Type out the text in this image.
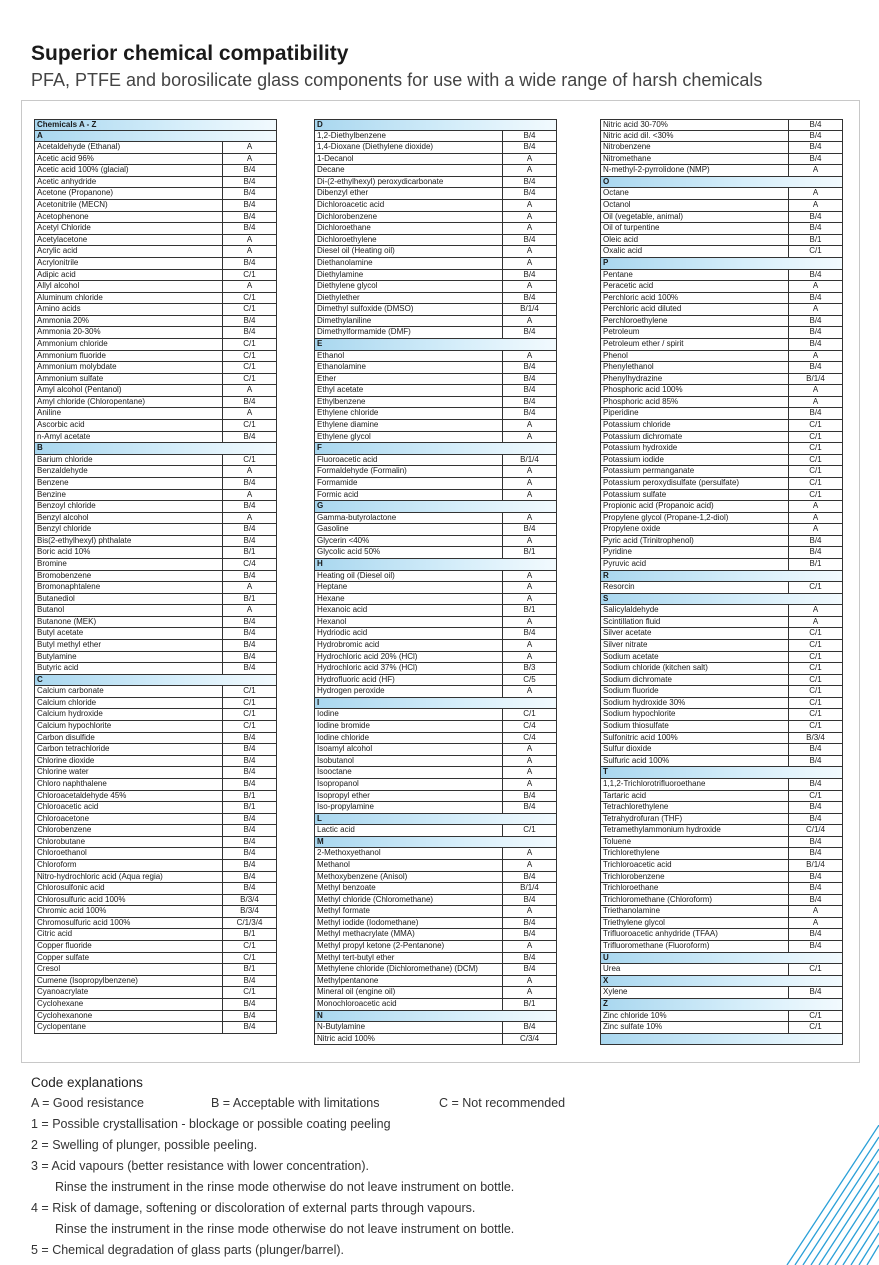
Superior chemical compatibility

PFA, PTFE and borosilicate glass components for use with a wide range of harsh chemicals

Chemicals A - Z
A
Acetaldehyde (Ethanal)	A
Acetic acid 96%	A
Acetic acid 100% (glacial)	B/4
Acetic anhydride	B/4
Acetone (Propanone)	B/4
Acetonitrile (MECN)	B/4
Acetophenone	B/4
Acetyl Chloride	B/4
Acetylacetone	A
Acrylic acid	A
Acrylonitrile	B/4
Adipic acid	C/1
Allyl alcohol	A
Aluminum chloride	C/1
Amino acids	C/1
Ammonia 20%	B/4
Ammonia 20-30%	B/4
Ammonium chloride	C/1
Ammonium fluoride	C/1
Ammonium molybdate	C/1
Ammonium sulfate	C/1
Amyl alcohol (Pentanol)	A
Amyl chloride (Chloropentane)	B/4
Aniline	A
Ascorbic acid	C/1
n-Amyl acetate	B/4
B
Barium chloride	C/1
Benzaldehyde	A
Benzene	B/4
Benzine	A
Benzoyl chloride	B/4
Benzyl alcohol	A
Benzyl chloride	B/4
Bis(2-ethylhexyl) phthalate	B/4
Boric acid 10%	B/1
Bromine	C/4
Bromobenzene	B/4
Bromonaphtalene	A
Butanediol	B/1
Butanol	A
Butanone (MEK)	B/4
Butyl acetate	B/4
Butyl methyl ether	B/4
Butylamine	B/4
Butyric acid	B/4
C
Calcium carbonate	C/1
Calcium chloride	C/1
Calcium hydroxide	C/1
Calcium hypochlorite	C/1
Carbon disulfide	B/4
Carbon tetrachloride	B/4
Chlorine dioxide	B/4
Chlorine water	B/4
Chloro naphthalene	B/4
Chloroacetaldehyde 45%	B/1
Chloroacetic acid	B/1
Chloroacetone	B/4
Chlorobenzene	B/4
Chlorobutane	B/4
Chloroethanol	B/4
Chloroform	B/4
Nitro-hydrochloric acid (Aqua regia)	B/4
Chlorosulfonic acid	B/4
Chlorosulfuric acid 100%	B/3/4
Chromic acid 100%	B/3/4
Chromosulfuric acid 100%	C/1/3/4
Citric acid	B/1
Copper fluoride	C/1
Copper sulfate	C/1
Cresol	B/1
Cumene (Isopropylbenzene)	B/4
Cyanoacrylate	C/1
Cyclohexane	B/4
Cyclohexanone	B/4
Cyclopentane	B/4
D
1,2-Diethylbenzene	B/4
1,4-Dioxane (Diethylene dioxide)	B/4
1-Decanol	A
Decane	A
Di-(2-ethylhexyl) peroxydicarbonate	B/4
Dibenzyl ether	B/4
Dichloroacetic acid	A
Dichlorobenzene	A
Dichloroethane	A
Dichloroethylene	B/4
Diesel oil (Heating oil)	A
Diethanolamine	A
Diethylamine	B/4
Diethylene glycol	A
Diethylether	B/4
Dimethyl sulfoxide (DMSO)	B/1/4
Dimethylaniline	A
Dimethylformamide (DMF)	B/4
E
Ethanol	A
Ethanolamine	B/4
Ether	B/4
Ethyl acetate	B/4
Ethylbenzene	B/4
Ethylene chloride	B/4
Ethylene diamine	A
Ethylene glycol	A
F
Fluoroacetic acid	B/1/4
Formaldehyde (Formalin)	A
Formamide	A
Formic acid	A
G
Gamma-butyrolactone	A
Gasoline	B/4
Glycerin <40%	A
Glycolic acid 50%	B/1
H
Heating oil (Diesel oil)	A
Heptane	A
Hexane	A
Hexanoic acid	B/1
Hexanol	A
Hydriodic acid	B/4
Hydrobromic acid	A
Hydrochloric acid 20% (HCl)	A
Hydrochloric acid 37% (HCl)	B/3
Hydrofluoric acid (HF)	C/5
Hydrogen peroxide	A
I
Iodine	C/1
Iodine bromide	C/4
Iodine chloride	C/4
Isoamyl alcohol	A
Isobutanol	A
Isooctane	A
Isopropanol	A
Isopropyl ether	B/4
Iso-propylamine	B/4
L
Lactic acid	C/1
M
2-Methoxyethanol	A
Methanol	A
Methoxybenzene (Anisol)	B/4
Methyl benzoate	B/1/4
Methyl chloride (Chloromethane)	B/4
Methyl formate	A
Methyl iodide (Iodomethane)	B/4
Methyl methacrylate (MMA)	B/4
Methyl propyl ketone (2-Pentanone)	A
Methyl tert-butyl ether	B/4
Methylene chloride (Dichloromethane) (DCM)	B/4
Methylpentanone	A
Mineral oil (engine oil)	A
Monochloroacetic acid	B/1
N
N-Butylamine	B/4
Nitric acid 100%	C/3/4
Nitric acid 30-70%	B/4
Nitric acid dil. <30%	B/4
Nitrobenzene	B/4
Nitromethane	B/4
N-methyl-2-pyrrolidone (NMP)	A
O
Octane	A
Octanol	A
Oil (vegetable, animal)	B/4
Oil of turpentine	B/4
Oleic acid	B/1
Oxalic acid	C/1
P
Pentane	B/4
Peracetic acid	A
Perchloric acid 100%	B/4
Perchloric acid diluted	A
Perchloroethylene	B/4
Petroleum	B/4
Petroleum ether / spirit	B/4
Phenol	A
Phenylethanol	B/4
Phenylhydrazine	B/1/4
Phosphoric acid 100%	A
Phosphoric acid 85%	A
Piperidine	B/4
Potassium chloride	C/1
Potassium dichromate	C/1
Potassium hydroxide	C/1
Potassium iodide	C/1
Potassium permanganate	C/1
Potassium peroxydisulfate (persulfate)	C/1
Potassium sulfate	C/1
Propionic acid (Propanoic acid)	A
Propylene glycol (Propane-1,2-diol)	A
Propylene oxide	A
Pyric acid (Trinitrophenol)	B/4
Pyridine	B/4
Pyruvic acid	B/1
R
Resorcin	C/1
S
Salicylaldehyde	A
Scintillation fluid	A
Silver acetate	C/1
Silver nitrate	C/1
Sodium acetate	C/1
Sodium chloride (kitchen salt)	C/1
Sodium dichromate	C/1
Sodium fluoride	C/1
Sodium hydroxide 30%	C/1
Sodium hypochlorite	C/1
Sodium thiosulfate	C/1
Sulfonitric acid 100%	B/3/4
Sulfur dioxide	B/4
Sulfuric acid 100%	B/4
T
1,1,2-Trichlorotrifluoroethane	B/4
Tartaric acid	C/1
Tetrachlorethylene	B/4
Tetrahydrofuran (THF)	B/4
Tetramethylammonium hydroxide	C/1/4
Toluene	B/4
Trichlorethylene	B/4
Trichloroacetic acid	B/1/4
Trichlorobenzene	B/4
Trichloroethane	B/4
Trichloromethane (Chloroform)	B/4
Triethanolamine	A
Triethylene glycol	A
Trifluoroacetic anhydride (TFAA)	B/4
Trifluoromethane (Fluoroform)	B/4
U
Urea	C/1
X
Xylene	B/4
Z
Zinc chloride 10%	C/1
Zinc sulfate 10%	C/1
Code explanations
A = Good resistance	B = Acceptable with limitations	C = Not recommended
1 = Possible crystallisation - blockage or possible coating peeling
2 = Swelling of plunger, possible peeling.
3 = Acid vapours (better resistance with lower concentration).
Rinse the instrument in the rinse mode otherwise do not leave instrument on bottle.
4 = Risk of damage, softening or discoloration of external parts through vapours.
Rinse the instrument in the rinse mode otherwise do not leave instrument on bottle.
5 = Chemical degradation of glass parts (plunger/barrel).
